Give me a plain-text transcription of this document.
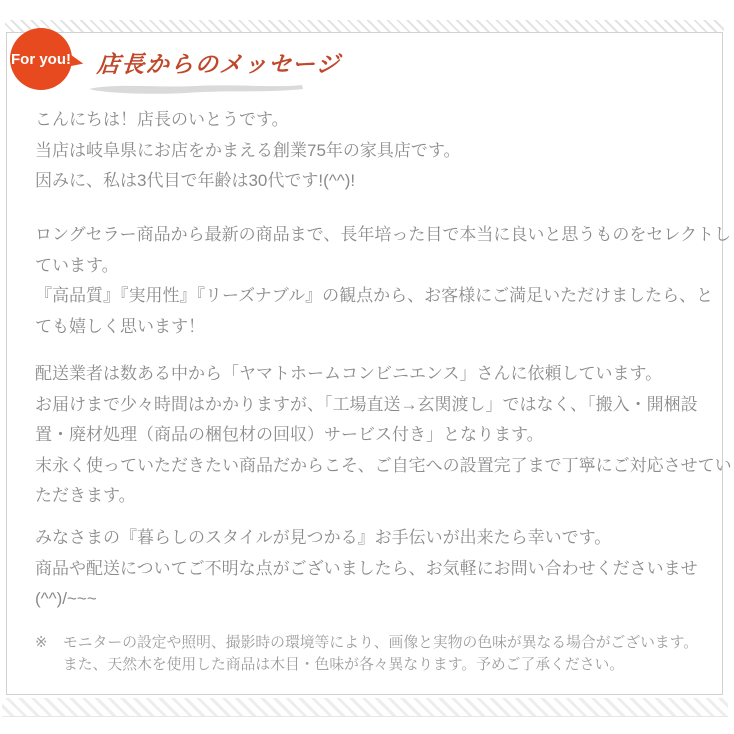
For you! 店長からのメッセージ
こんにちは！店長のいとうです。
当店は岐阜県にお店をかまえる創業75年の家具店です。
因みに、私は3代目で年齢は30代です!(^^)!
ロングセラー商品から最新の商品まで、長年培った目で本当に良いと思うものをセレクトし
ています。
『高品質』『実用性』『リーズナブル』の観点から、お客様にご満足いただけましたら、と
ても嬉しく思います！
配送業者は数ある中から「ヤマトホームコンビニエンス」さんに依頼しています。
お届けまで少々時間はかかりますが、「工場直送→玄関渡し」ではなく、「搬入・開梱設
置・廃材処理（商品の梱包材の回収）サービス付き」となります。
末永く使っていただきたい商品だからこそ、ご自宅への設置完了まで丁寧にご対応させてい
ただきます。
みなさまの『暮らしのスタイルが見つかる』お手伝いが出来たら幸いです。
商品や配送についてご不明な点がございましたら、お気軽にお問い合わせくださいませ
(^^)/~~~
※ モニターの設定や照明、撮影時の環境等により、画像と実物の色味が異なる場合がございます。
また、天然木を使用した商品は木目・色味が各々異なります。予めご了承ください。
